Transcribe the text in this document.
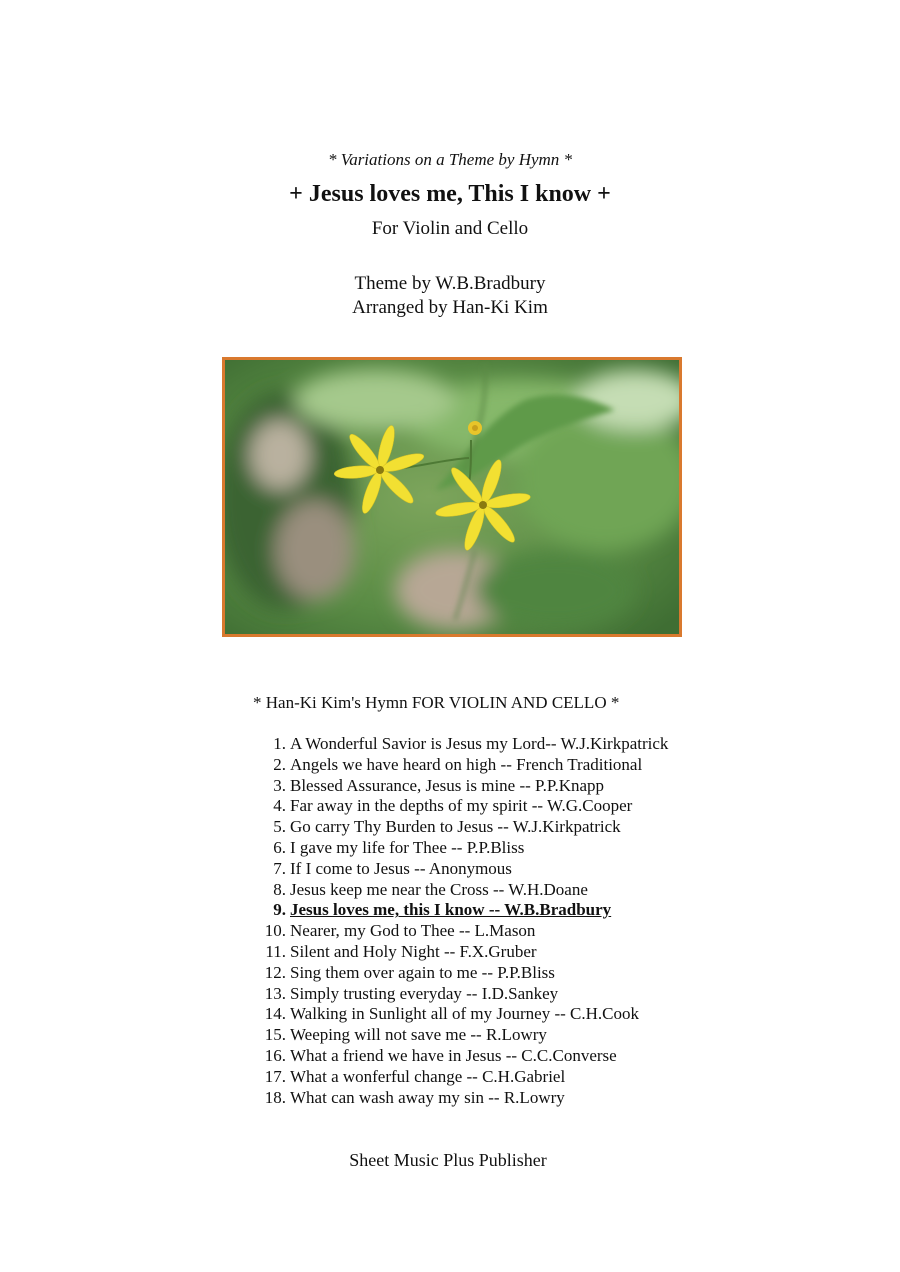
* Variations on a Theme by Hymn *
+ Jesus loves me, This I know +
For Violin and Cello
Theme by W.B.Bradbury
Arranged by Han-Ki Kim
* Han-Ki Kim's Hymn FOR VIOLIN AND CELLO *
1. A Wonderful Savior is Jesus my Lord-- W.J.Kirkpatrick
2. Angels we have heard on high -- French Traditional
3. Blessed Assurance, Jesus is mine -- P.P.Knapp
4. Far away in the depths of my spirit -- W.G.Cooper
5. Go carry Thy Burden to Jesus -- W.J.Kirkpatrick
6. I gave my life for Thee -- P.P.Bliss
7. If I come to Jesus -- Anonymous
8. Jesus keep me near the Cross -- W.H.Doane
9. Jesus loves me, this I know -- W.B.Bradbury
10. Nearer, my God to Thee -- L.Mason
11. Silent and Holy Night -- F.X.Gruber
12. Sing them over again to me -- P.P.Bliss
13. Simply trusting everyday -- I.D.Sankey
14. Walking in Sunlight all of my Journey -- C.H.Cook
15. Weeping will not save me -- R.Lowry
16. What a friend we have in Jesus -- C.C.Converse
17. What a wonferful change -- C.H.Gabriel
18. What can wash away my sin -- R.Lowry
Sheet Music Plus Publisher
